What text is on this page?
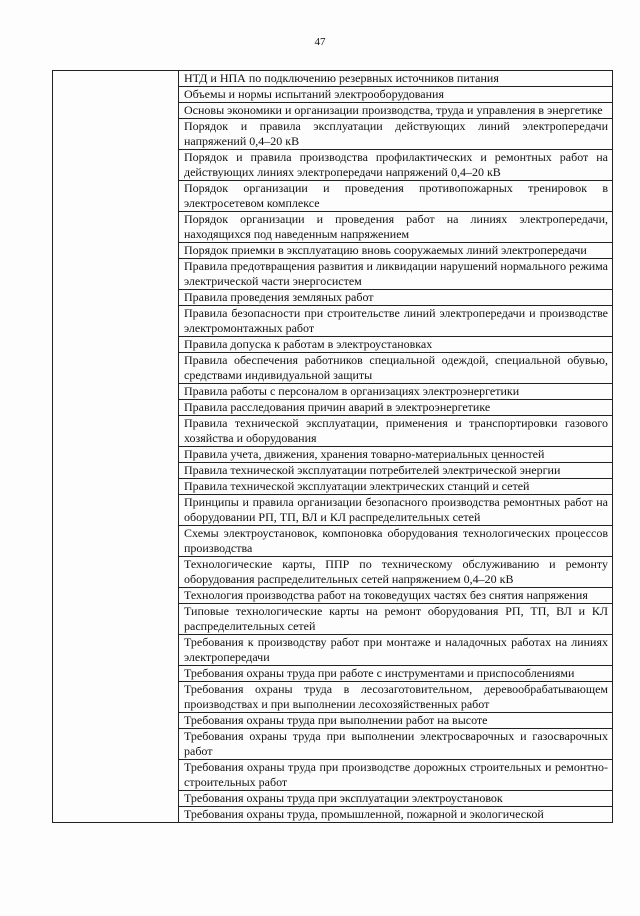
47

НТД и НПА по подключению резервных источников питания

Объемы и нормы испытаний электрооборудования

Основы экономики и организации производства, труда и управления в энергетике

Порядок и правила эксплуатации действующих линий электропередачи напряжений 0,4–20 кВ

Порядок и правила производства профилактических и ремонтных работ на действующих линиях электропередачи напряжений 0,4–20 кВ

Порядок организации и проведения противопожарных тренировок в электросетевом комплексе

Порядок организации и проведения работ на линиях электропередачи, находящихся под наведенным напряжением

Порядок приемки в эксплуатацию вновь сооружаемых линий электропередачи

Правила предотвращения развития и ликвидации нарушений нормального режима электрической части энергосистем

Правила проведения земляных работ

Правила безопасности при строительстве линий электропередачи и производстве электромонтажных работ

Правила допуска к работам в электроустановках

Правила обеспечения работников специальной одеждой, специальной обувью, средствами индивидуальной защиты

Правила работы с персоналом в организациях электроэнергетики

Правила расследования причин аварий в электроэнергетике

Правила технической эксплуатации, применения и транспортировки газового хозяйства и оборудования

Правила учета, движения, хранения товарно-материальных ценностей

Правила технической эксплуатации потребителей электрической энергии

Правила технической эксплуатации электрических станций и сетей

Принципы и правила организации безопасного производства ремонтных работ на оборудовании РП, ТП, ВЛ и КЛ распределительных сетей

Схемы электроустановок, компоновка оборудования технологических процессов производства

Технологические карты, ППР по техническому обслуживанию и ремонту оборудования распределительных сетей напряжением 0,4–20 кВ

Технология производства работ на токоведущих частях без снятия напряжения

Типовые технологические карты на ремонт оборудования РП, ТП, ВЛ и КЛ распределительных сетей

Требования к производству работ при монтаже и наладочных работах на линиях электропередачи

Требования охраны труда при работе с инструментами и приспособлениями

Требования охраны труда в лесозаготовительном, деревообрабатывающем производствах и при выполнении лесохозяйственных работ

Требования охраны труда при выполнении работ на высоте

Требования охраны труда при выполнении электросварочных и газосварочных работ

Требования охраны труда при производстве дорожных строительных и ремонтно-строительных работ

Требования охраны труда при эксплуатации электроустановок

Требования охраны труда, промышленной, пожарной и экологической
